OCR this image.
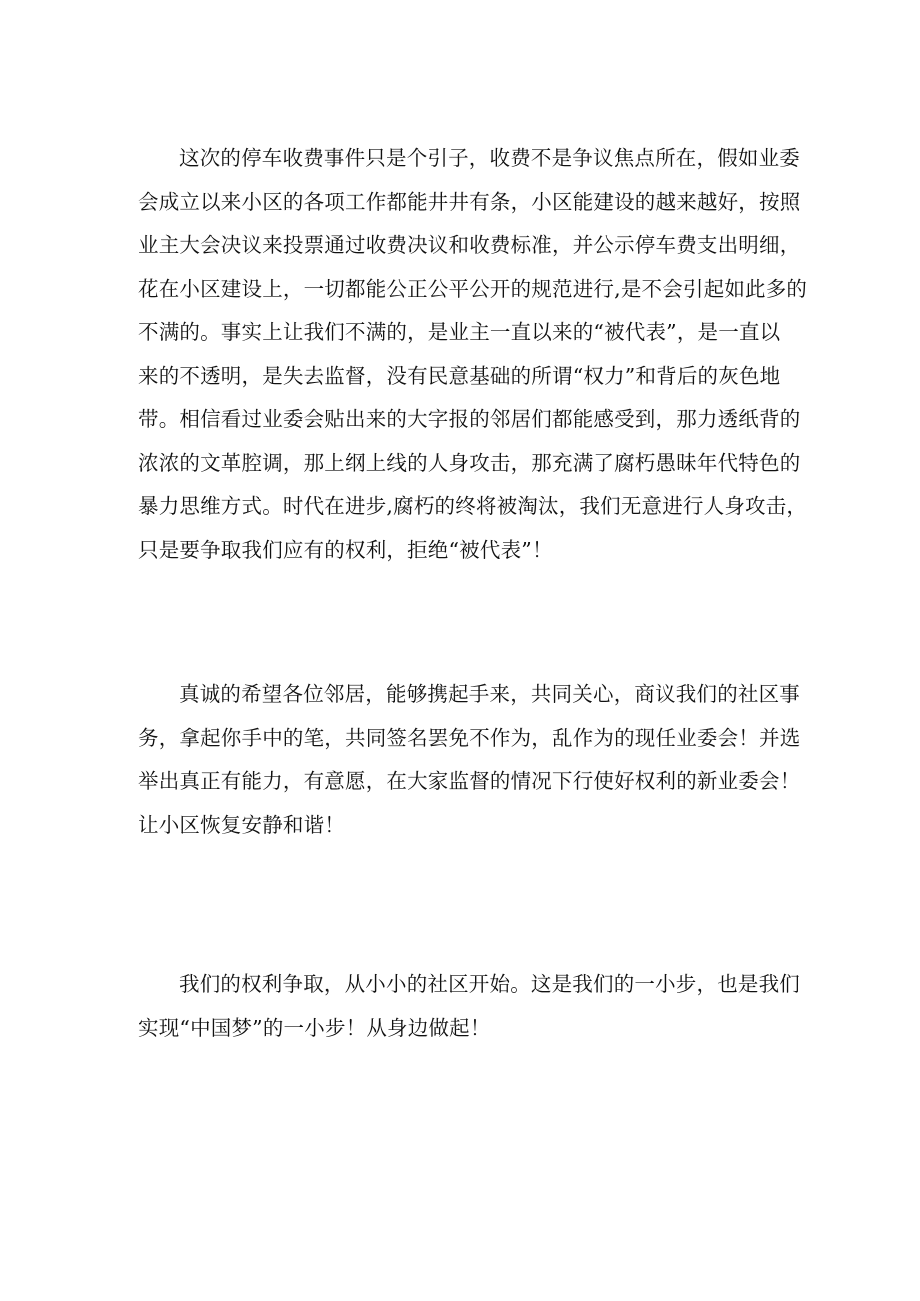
这次的停车收费事件只是个引子，收费不是争议焦点所在，假如业委
会成立以来小区的各项工作都能井井有条，小区能建设的越来越好，按照
业主大会决议来投票通过收费决议和收费标准，并公示停车费支出明细，
花在小区建设上，一切都能公正公平公开的规范进行,是不会引起如此多的
不满的。事实上让我们不满的，是业主一直以来的“被代表”，是一直以
来的不透明，是失去监督，没有民意基础的所谓“权力”和背后的灰色地
带。相信看过业委会贴出来的大字报的邻居们都能感受到，那力透纸背的
浓浓的文革腔调，那上纲上线的人身攻击，那充满了腐朽愚昧年代特色的
暴力思维方式。时代在进步,腐朽的终将被淘汰，我们无意进行人身攻击，
只是要争取我们应有的权利，拒绝“被代表”！

真诚的希望各位邻居，能够携起手来，共同关心，商议我们的社区事
务，拿起你手中的笔，共同签名罢免不作为，乱作为的现任业委会！并选
举出真正有能力，有意愿，在大家监督的情况下行使好权利的新业委会！
让小区恢复安静和谐！

我们的权利争取，从小小的社区开始。这是我们的一小步，也是我们
实现“中国梦”的一小步！从身边做起！
